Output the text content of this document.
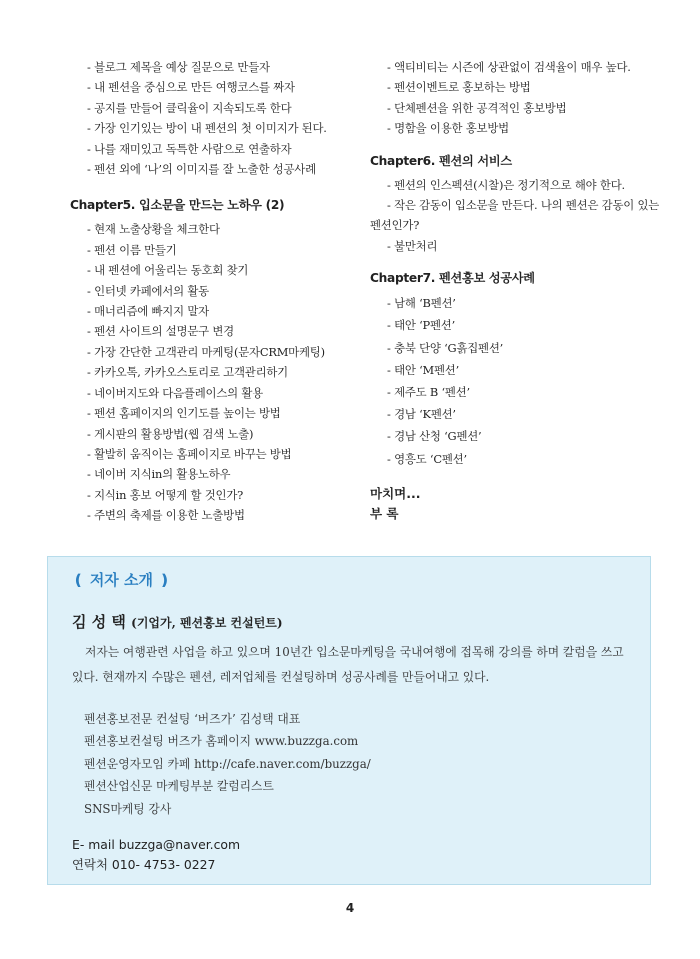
- 블로그 제목을 예상 질문으로 만들자
- 내 펜션을 중심으로 만든 여행코스를 짜자
- 공지를 만들어 클릭율이 지속되도록 한다
- 가장 인기있는 방이 내 펜션의 첫 이미지가 된다.
- 나를 재미있고 독특한 사람으로 연출하자
- 펜션 외에 ‘나’의 이미지를 잘 노출한 성공사례
Chapter5. 입소문을 만드는 노하우 (2)
- 현재 노출상황을 체크한다
- 펜션 이름 만들기
- 내 펜션에 어울리는 동호회 찾기
- 인터넷 카페에서의 활동
- 매너리즘에 빠지지 말자
- 펜션 사이트의 설명문구 변경
- 가장 간단한 고객관리 마케팅(문자CRM마케팅)
- 카카오톡, 카카오스토리로 고객관리하기
- 네이버지도와 다음플레이스의 활용
- 펜션 홈페이지의 인기도를 높이는 방법
- 게시판의 활용방법(웹 검색 노출)
- 활발히 움직이는 홈페이지로 바꾸는 방법
- 네이버 지식in의 활용노하우
- 지식in 홍보 어떻게 할 것인가?
- 주변의 축제를 이용한 노출방법
- 액티비티는 시즌에 상관없이 검색율이 매우 높다.
- 펜션이벤트로 홍보하는 방법
- 단체펜션을 위한 공격적인 홍보방법
- 명함을 이용한 홍보방법
Chapter6. 펜션의 서비스
- 펜션의 인스펙션(시찰)은 정기적으로 해야 한다.
- 작은 감동이 입소문을 만든다. 나의 펜션은 감동이 있는 펜션인가?
- 불만처리
Chapter7. 펜션홍보 성공사례
- 남해 ‘B펜션’
- 태안 ‘P펜션’
- 충북 단양 ‘G흙집펜션’
- 태안 ‘M펜션’
- 제주도 B ‘펜션’
- 경남 ‘K펜션’
- 경남 산청 ‘G펜션’
- 영흥도 ‘C펜션’
마치며...
부 록
❪ 저자 소개 ❫
김 성 택 (기업가, 펜션홍보 컨설턴트)

저자는 여행관련 사업을 하고 있으며 10년간 입소문마케팅을 국내여행에 접목해 강의를 하며 칼럼을 쓰고 있다. 현재까지 수많은 펜션, 레저업체를 컨설팅하며 성공사례를 만들어내고 있다.

펜션홍보전문 컨설팅 ‘버즈가’ 김성택 대표
펜션홍보컨설팅 버즈가 홈페이지 www.buzzga.com
펜션운영자모임 카페 http://cafe.naver.com/buzzga/
펜션산업신문 마케팅부분 칼럼리스트
SNS마케팅 강사
E- mail buzzga@naver.com
연락처 010- 4753- 0227
4
